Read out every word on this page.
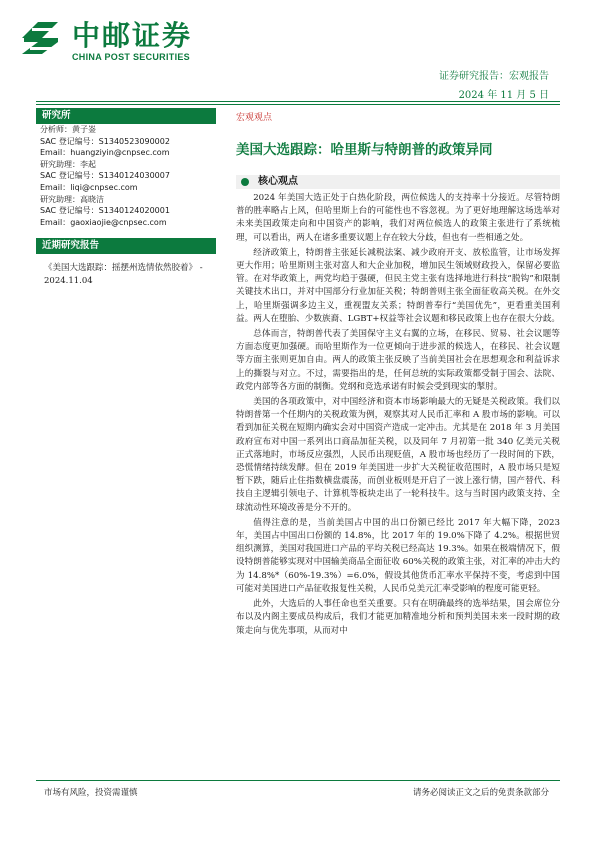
中邮证券
CHINA POST SECURITIES
证券研究报告：宏观报告
2024 年 11 月 5 日
研究所
分析师：黄子崟
SAC 登记编号：S1340523090002
Email：huangziyin@cnpsec.com
研究助理：李起
SAC 登记编号：S1340124030007
Email：liqi@cnpsec.com
研究助理：高晓洁
SAC 登记编号：S1340124020001
Email：gaoxiaojie@cnpsec.com
近期研究报告
《美国大选跟踪：摇摆州选情依然胶着》 - 2024.11.04
宏观观点
美国大选跟踪：哈里斯与特朗普的政策异同
核心观点

2024 年美国大选正处于白热化阶段，两位候选人的支持率十分接近。尽管特朗普的胜率略占上风，但哈里斯上台的可能性也不容忽视。为了更好地理解这场选举对未来美国政策走向和中国资产的影响，我们对两位候选人的政策主张进行了系统梳理，可以看出，两人在诸多重要议题上存在较大分歧，但也有一些相通之处。

经济政策上，特朗普主张延长减税法案、减少政府开支、放松监管，让市场发挥更大作用；哈里斯则主张对富人和大企业加税，增加民生领域财政投入，保留必要监管。在对华政策上，两党均趋于强硬，但民主党主张有选择地进行科技“脱钩”和限制关键技术出口，并对中国部分行业加征关税；特朗普则主张全面征收高关税。在外交上，哈里斯强调多边主义，重视盟友关系；特朗普奉行“美国优先”，更看重美国利益。两人在堕胎、少数族裔、LGBT+权益等社会议题和移民政策上也存在很大分歧。

总体而言，特朗普代表了美国保守主义右翼的立场，在移民、贸易、社会议题等方面态度更加强硬。而哈里斯作为一位更倾向于进步派的候选人，在移民、社会议题等方面主张则更加自由。两人的政策主张反映了当前美国社会在思想观念和利益诉求上的撕裂与对立。不过，需要指出的是，任何总统的实际政策都受制于国会、法院、政党内部等各方面的制衡。党纲和竞选承诺有时候会受到现实的掣肘。

美国的各项政策中，对中国经济和资本市场影响最大的无疑是关税政策。我们以特朗普第一个任期内的关税政策为例，观察其对人民币汇率和 A 股市场的影响。可以看到加征关税在短期内确实会对中国资产造成一定冲击。尤其是在 2018 年 3 月美国政府宣布对中国一系列出口商品加征关税，以及同年 7 月初第一批 340 亿美元关税正式落地时，市场反应强烈，人民币出现贬值，A 股市场也经历了一段时间的下跌，恐慌情绪持续发酵。但在 2019 年美国进一步扩大关税征收范围时，A 股市场只是短暂下跌，随后止住指数横盘震荡，而创业板则是开启了一波上涨行情，国产替代、科技自主逻辑引领电子、计算机等板块走出了一轮科技牛。这与当时国内政策支持、全球流动性环境改善是分不开的。

值得注意的是，当前美国占中国的出口份额已经比 2017 年大幅下降，2023 年，美国占中国出口份额的 14.8%，比 2017 年的 19.0%下降了 4.2%。根据世贸组织测算，美国对我国进口产品的平均关税已经高达 19.3%。如果在极端情况下，假设特朗普能够实现对中国输美商品全面征收 60%关税的政策主张，对汇率的冲击大约为 14.8%*（60%-19.3%）=6.0%，假设其他货币汇率水平保持不变，考虑到中国可能对美国进口产品征收报复性关税，人民币兑美元汇率受影响的程度可能更轻。

此外，大选后的人事任命也至关重要。只有在明确最终的选举结果，国会席位分布以及内阁主要成员构成后，我们才能更加精准地分析和预判美国未来一段时期的政策走向与优先事项，从而对中

市场有风险，投资需谨慎	请务必阅读正文之后的免责条款部分
